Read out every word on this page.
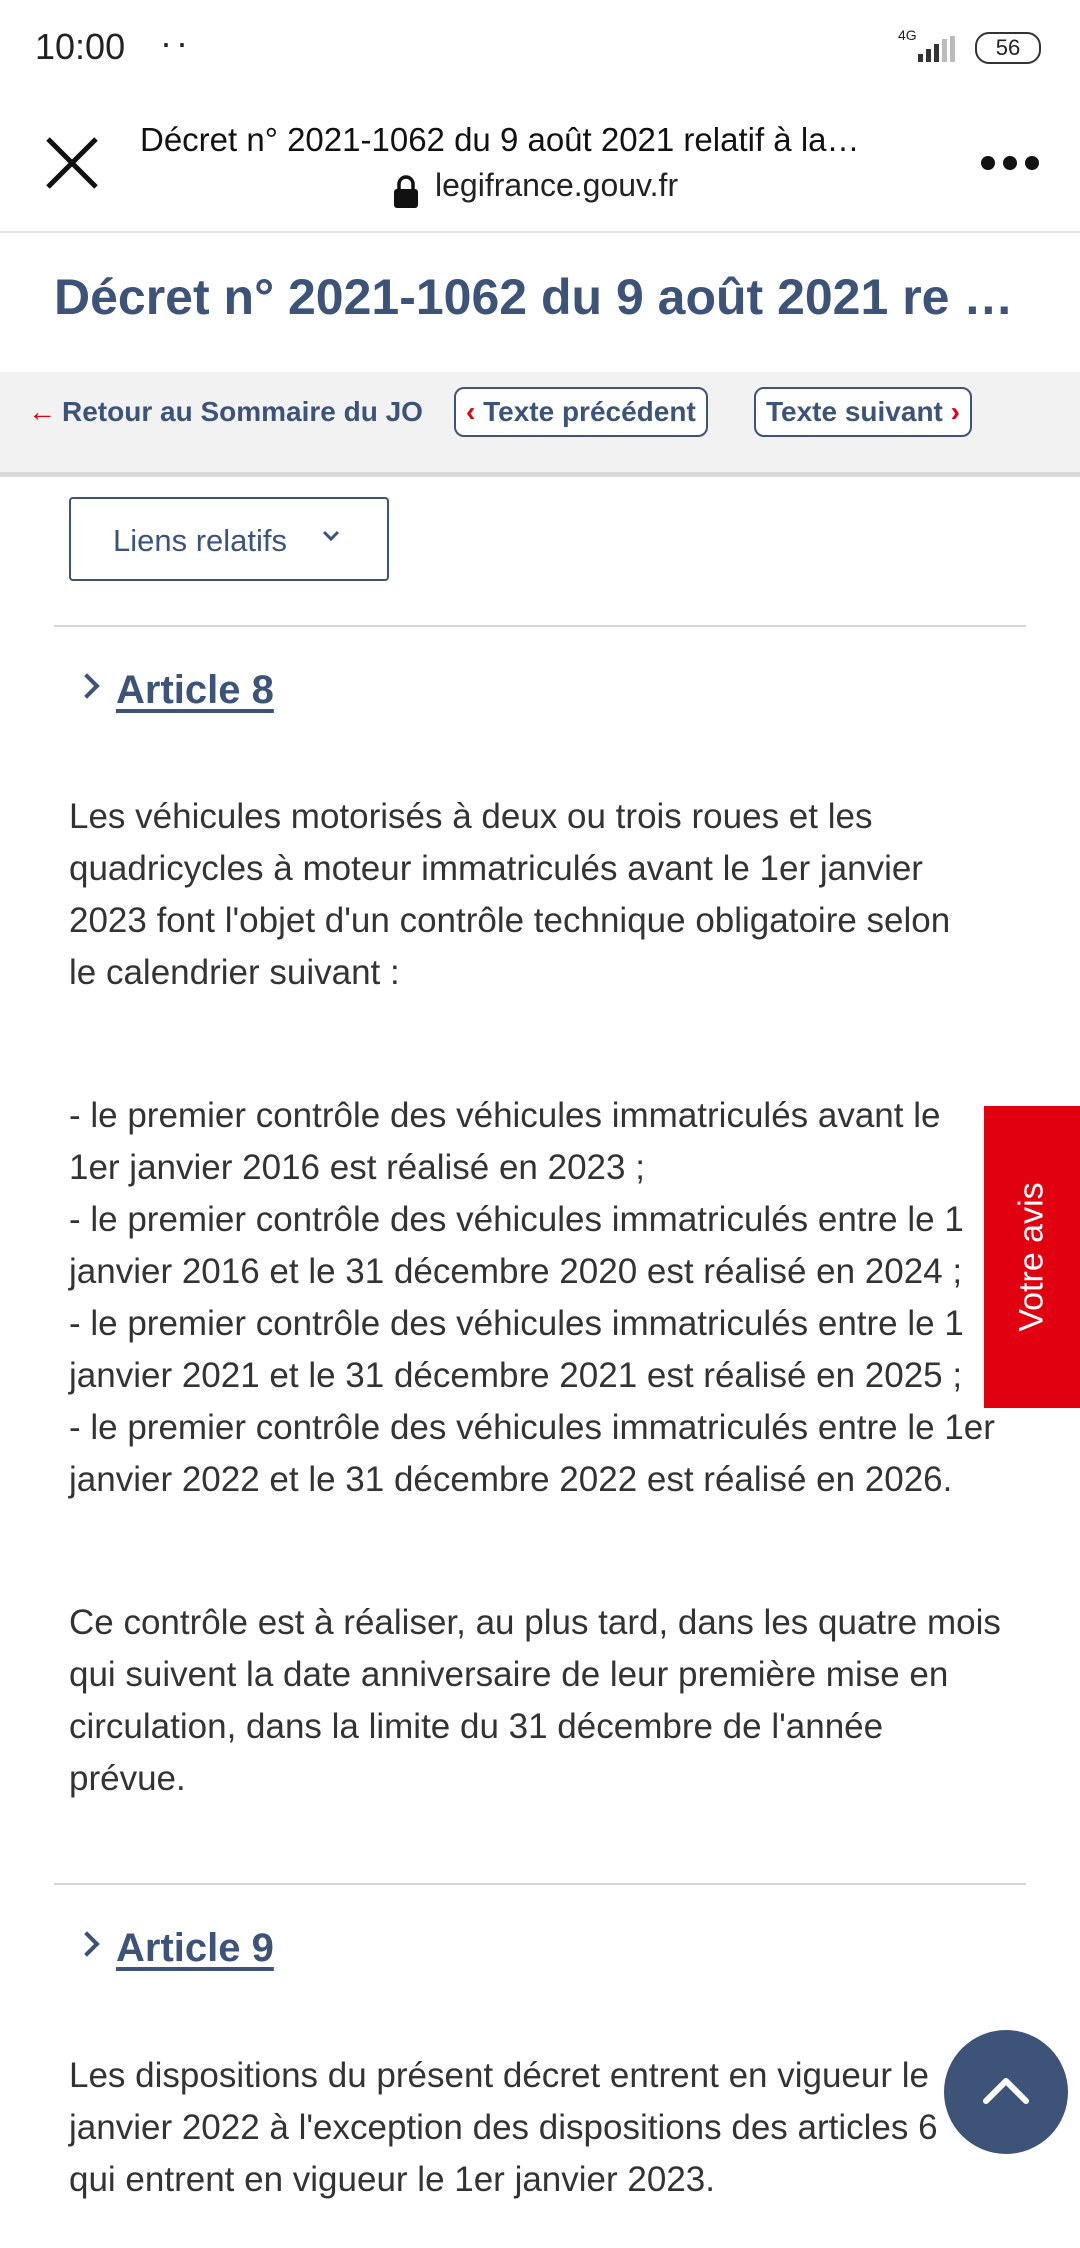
10:00 ··	4G	56
Décret n° 2021-1062 du 9 août 2021 relatif à la…
legifrance.gouv.fr
Décret n° 2021-1062 du 9 août 2021 re …
← Retour au Sommaire du JO	‹ Texte précédent	Texte suivant ›
Liens relatifs
Article 8
Les véhicules motorisés à deux ou trois roues et les
quadricycles à moteur immatriculés avant le 1er janvier
2023 font l'objet d'un contrôle technique obligatoire selon
le calendrier suivant :
- le premier contrôle des véhicules immatriculés avant le
1er janvier 2016 est réalisé en 2023 ;
- le premier contrôle des véhicules immatriculés entre le 1
janvier 2016 et le 31 décembre 2020 est réalisé en 2024 ;
- le premier contrôle des véhicules immatriculés entre le 1
janvier 2021 et le 31 décembre 2021 est réalisé en 2025 ;
- le premier contrôle des véhicules immatriculés entre le 1er
janvier 2022 et le 31 décembre 2022 est réalisé en 2026.
Ce contrôle est à réaliser, au plus tard, dans les quatre mois
qui suivent la date anniversaire de leur première mise en
circulation, dans la limite du 31 décembre de l'année
prévue.
Article 9
Les dispositions du présent décret entrent en vigueur le
janvier 2022 à l'exception des dispositions des articles 6
qui entrent en vigueur le 1er janvier 2023.
Votre avis
